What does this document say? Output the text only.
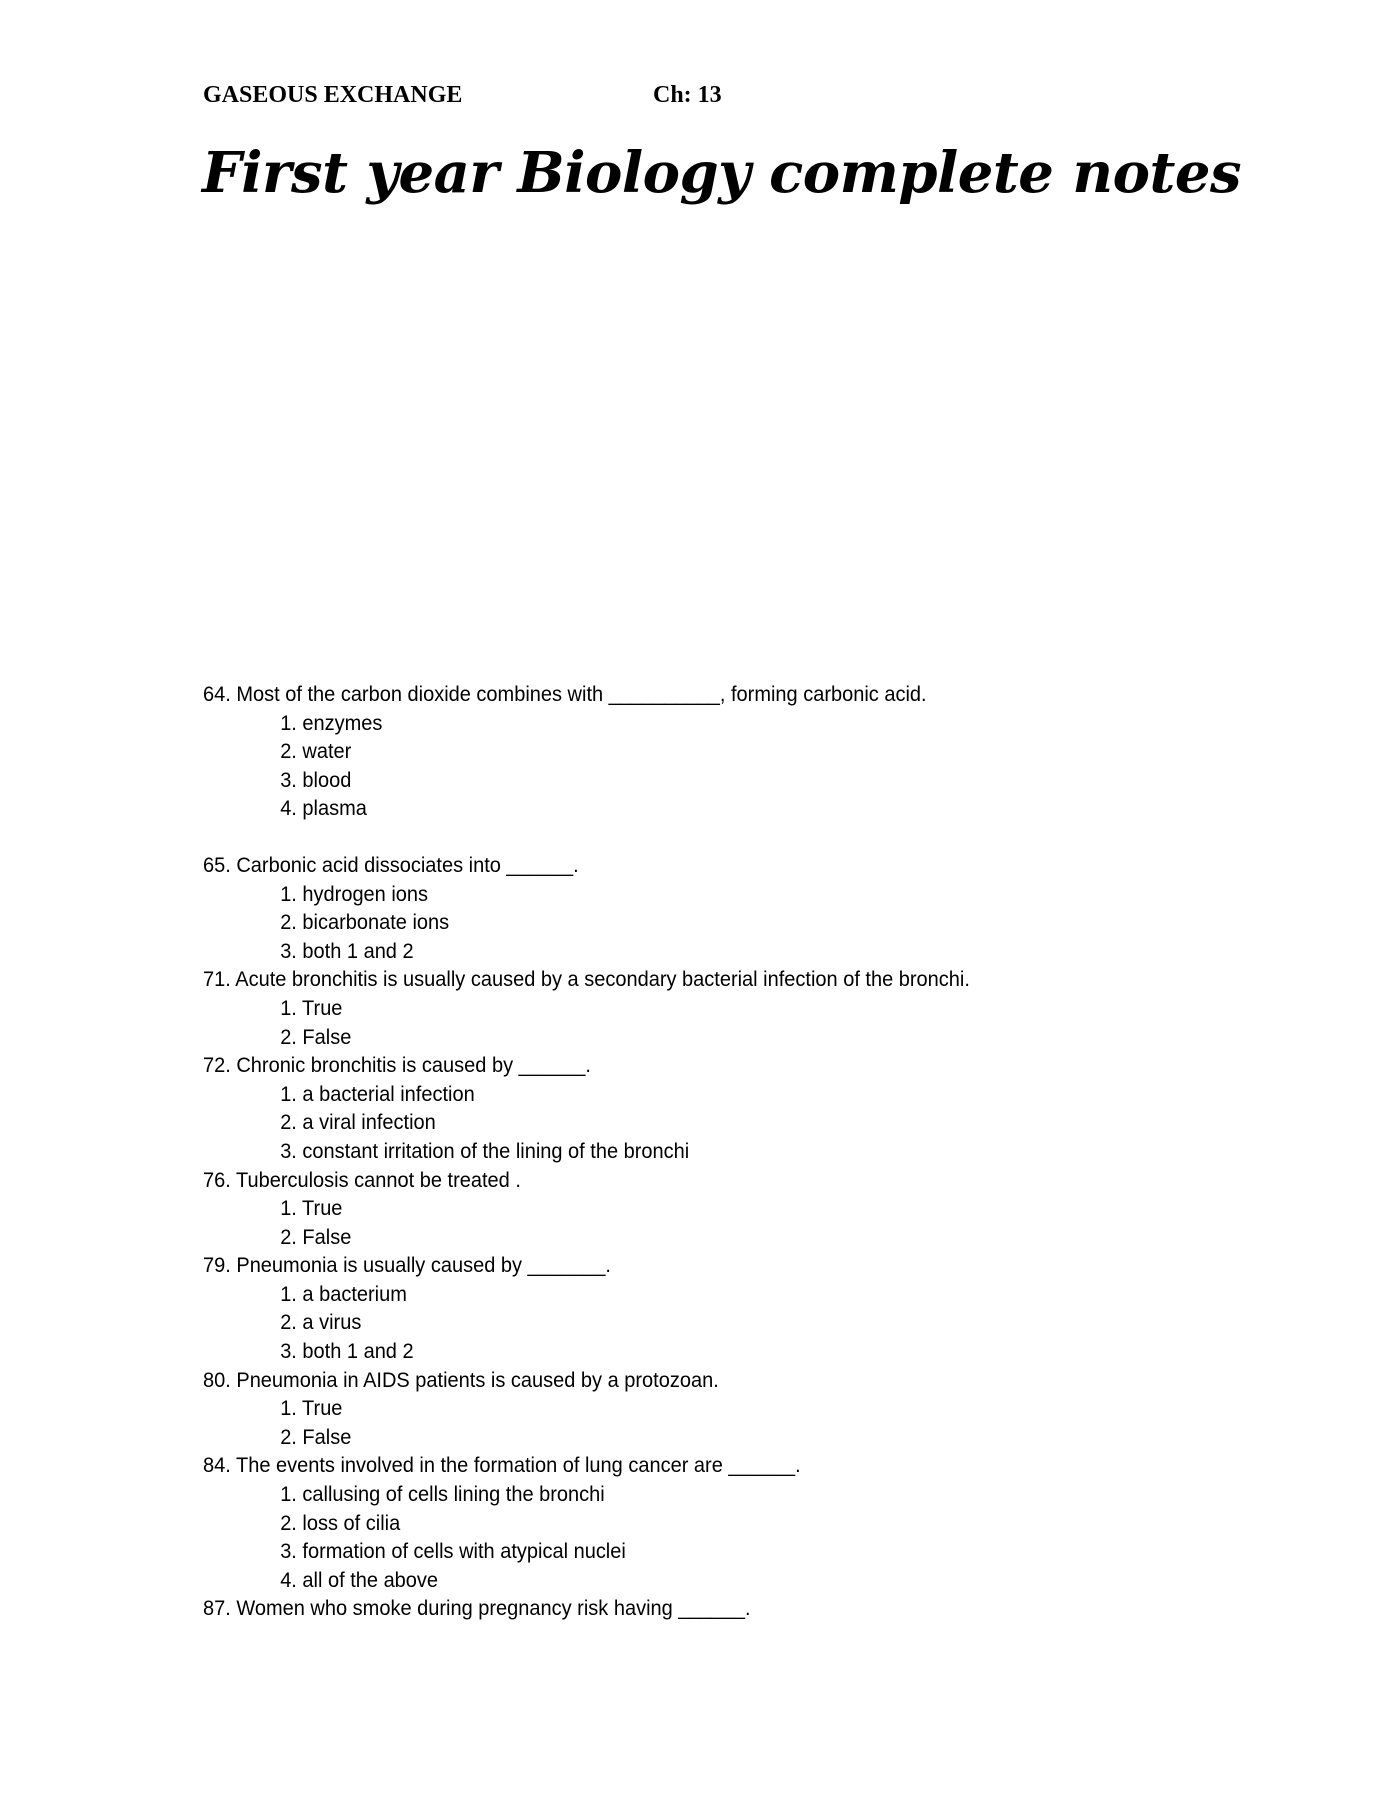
GASEOUS EXCHANGE	Ch: 13
First year Biology complete notes
64. Most of the carbon dioxide combines with __________, forming carbonic acid.
1. enzymes
2. water
3. blood
4. plasma
65. Carbonic acid dissociates into ______.
1. hydrogen ions
2. bicarbonate ions
3. both 1 and 2
71. Acute bronchitis is usually caused by a secondary bacterial infection of the bronchi.
1. True
2. False
72. Chronic bronchitis is caused by ______.
1. a bacterial infection
2. a viral infection
3. constant irritation of the lining of the bronchi
76. Tuberculosis cannot be treated .
1. True
2. False
79. Pneumonia is usually caused by _______.
1. a bacterium
2. a virus
3. both 1 and 2
80. Pneumonia in AIDS patients is caused by a protozoan.
1. True
2. False
84. The events involved in the formation of lung cancer are ______.
1. callusing of cells lining the bronchi
2. loss of cilia
3. formation of cells with atypical nuclei
4. all of the above
87. Women who smoke during pregnancy risk having ______.
